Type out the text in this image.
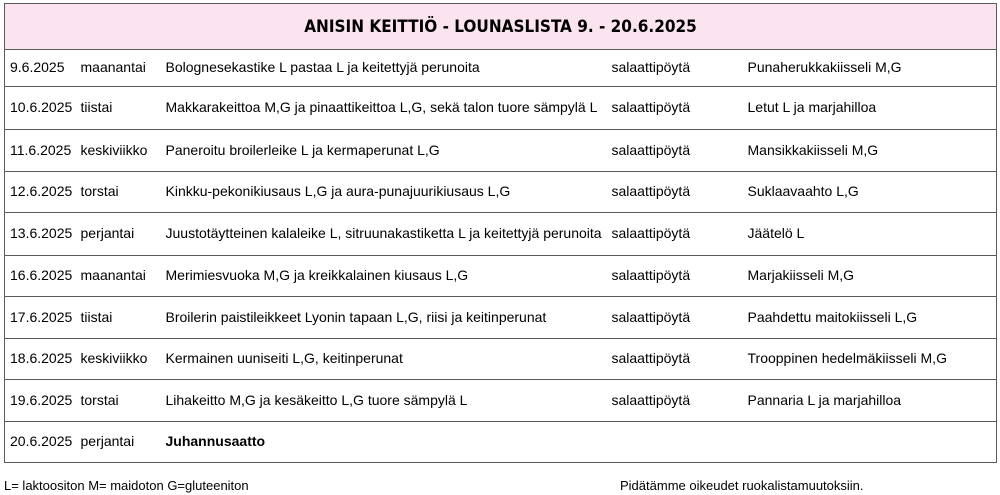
ANISIN KEITTIÖ - LOUNASLISTA 9. - 20.6.2025
9.6.2025	maanantai	Bolognesekastike L pastaa L ja keitettyjä perunoita	salaattipöytä	Punaherukkakiisseli M,G
10.6.2025	tiistai	Makkarakeittoa M,G ja pinaattikeittoa L,G, sekä talon tuore sämpylä L	salaattipöytä	Letut L ja marjahilloa
11.6.2025	keskiviikko	Paneroitu broilerleike L ja kermaperunat L,G	salaattipöytä	Mansikkakiisseli M,G
12.6.2025	torstai	Kinkku-pekonikiusaus L,G ja aura-punajuurikiusaus L,G	salaattipöytä	Suklaavaahto L,G
13.6.2025	perjantai	Juustotäytteinen kalaleike L, sitruunakastiketta L ja keitettyjä perunoita	salaattipöytä	Jäätelö L
16.6.2025	maanantai	Merimiesvuoka M,G ja kreikkalainen kiusaus L,G	salaattipöytä	Marjakiisseli M,G
17.6.2025	tiistai	Broilerin paistileikkeet Lyonin tapaan L,G, riisi ja keitinperunat	salaattipöytä	Paahdettu maitokiisseli L,G
18.6.2025	keskiviikko	Kermainen uuniseiti L,G, keitinperunat	salaattipöytä	Trooppinen hedelmäkiisseli M,G
19.6.2025	torstai	Lihakeitto M,G ja kesäkeitto L,G tuore sämpylä L	salaattipöytä	Pannaria L ja marjahilloa
20.6.2025	perjantai	Juhannusaatto		
L= laktoositon M= maidoton G=gluteeniton	Pidätämme oikeudet ruokalistamuutoksiin.
